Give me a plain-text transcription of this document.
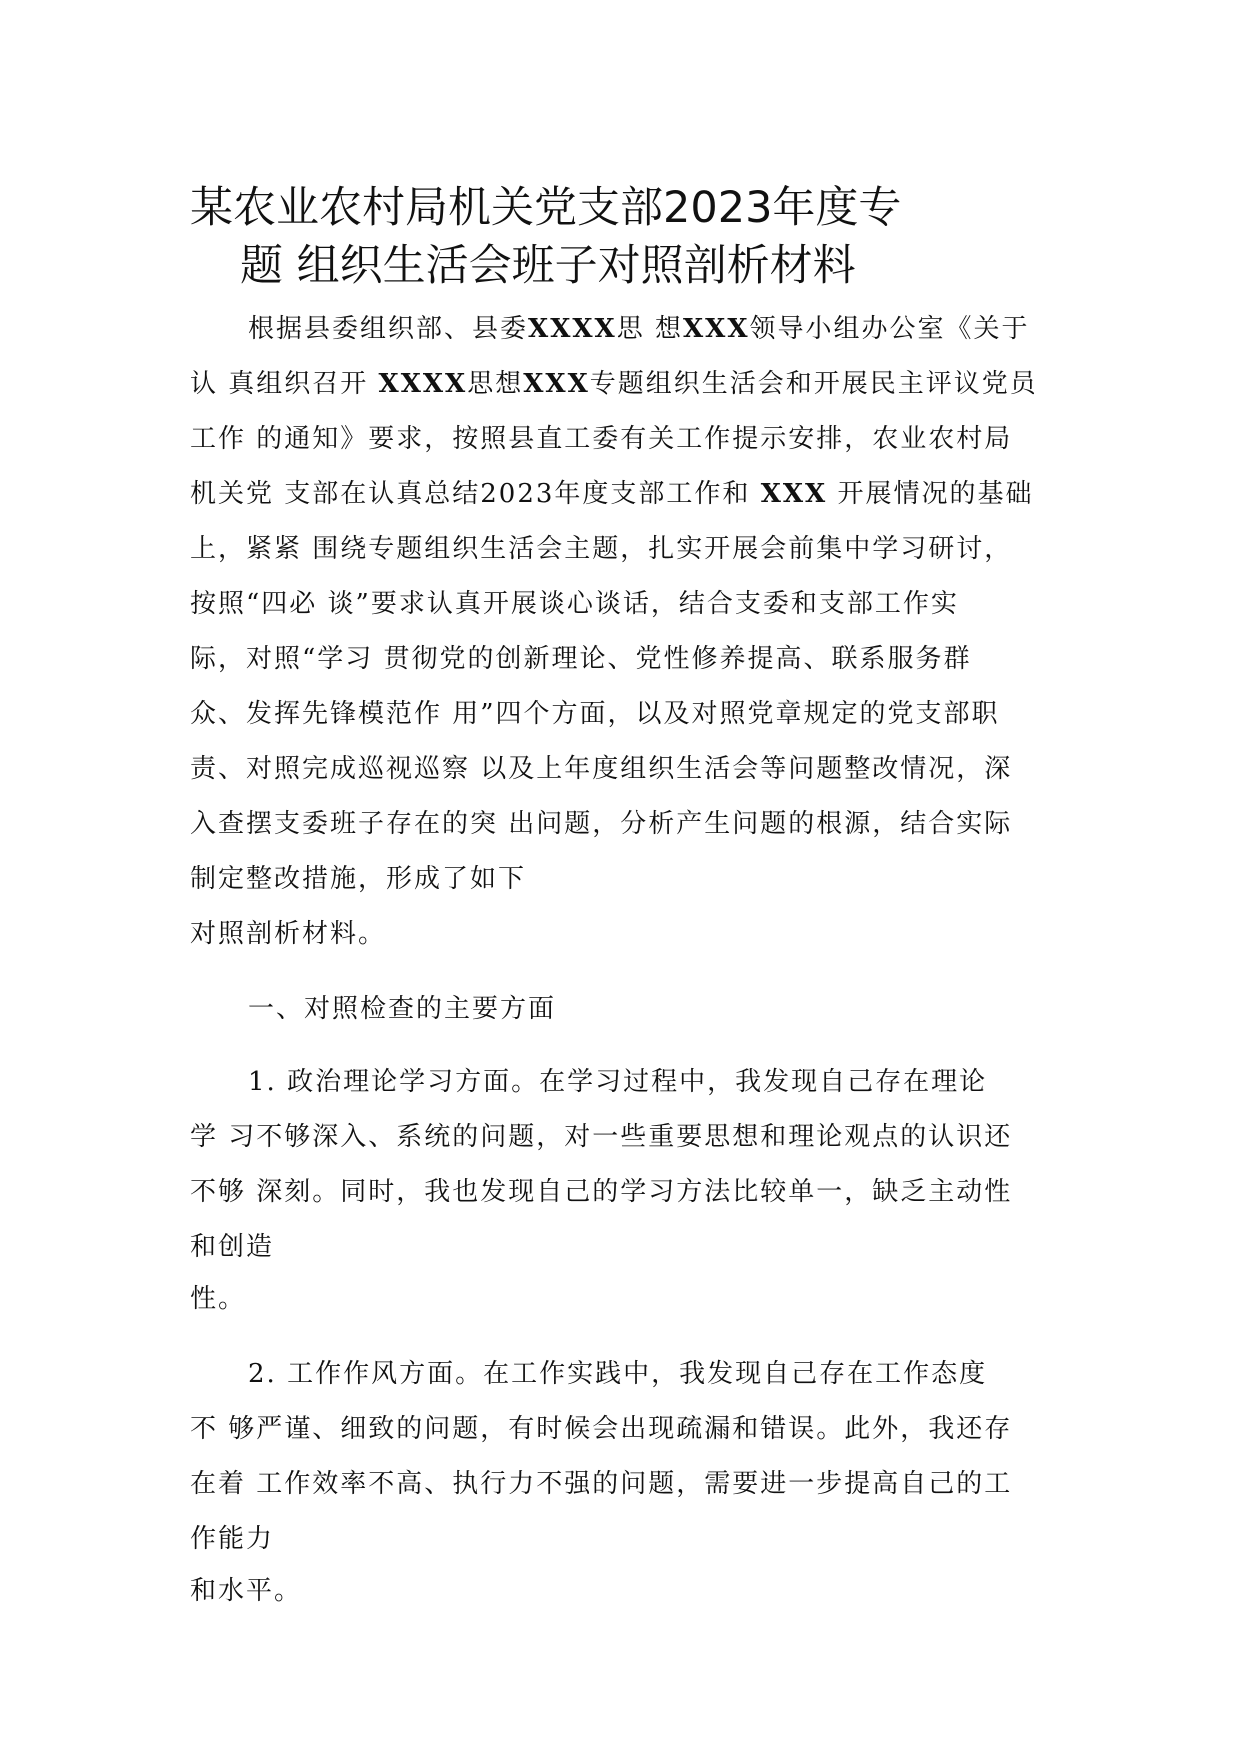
某农业农村局机关党支部2023年度专
题 组织生活会班子对照剖析材料
根据县委组织部、县委XXXX思 想XXX领导小组办公室《关于
认 真组织召开 XXXX思想XXX专题组织生活会和开展民主评议党员
工作 的通知》要求，按照县直工委有关工作提示安排，农业农村局
机关党 支部在认真总结2023年度支部工作和 XXX 开展情况的基础
上，紧紧 围绕专题组织生活会主题，扎实开展会前集中学习研讨，
按照“四必 谈”要求认真开展谈心谈话，结合支委和支部工作实
际，对照“学习 贯彻党的创新理论、党性修养提高、联系服务群
众、发挥先锋模范作 用”四个方面，以及对照党章规定的党支部职
责、对照完成巡视巡察 以及上年度组织生活会等问题整改情况，深
入查摆支委班子存在的突 出问题，分析产生问题的根源，结合实际
制定整改措施，形成了如下
对照剖析材料。
一、对照检查的主要方面
1. 政治理论学习方面。在学习过程中，我发现自己存在理论
学 习不够深入、系统的问题，对一些重要思想和理论观点的认识还
不够 深刻。同时，我也发现自己的学习方法比较单一，缺乏主动性
和创造
性。
2. 工作作风方面。在工作实践中，我发现自己存在工作态度
不 够严谨、细致的问题，有时候会出现疏漏和错误。此外，我还存
在着 工作效率不高、执行力不强的问题，需要进一步提高自己的工
作能力
和水平。
